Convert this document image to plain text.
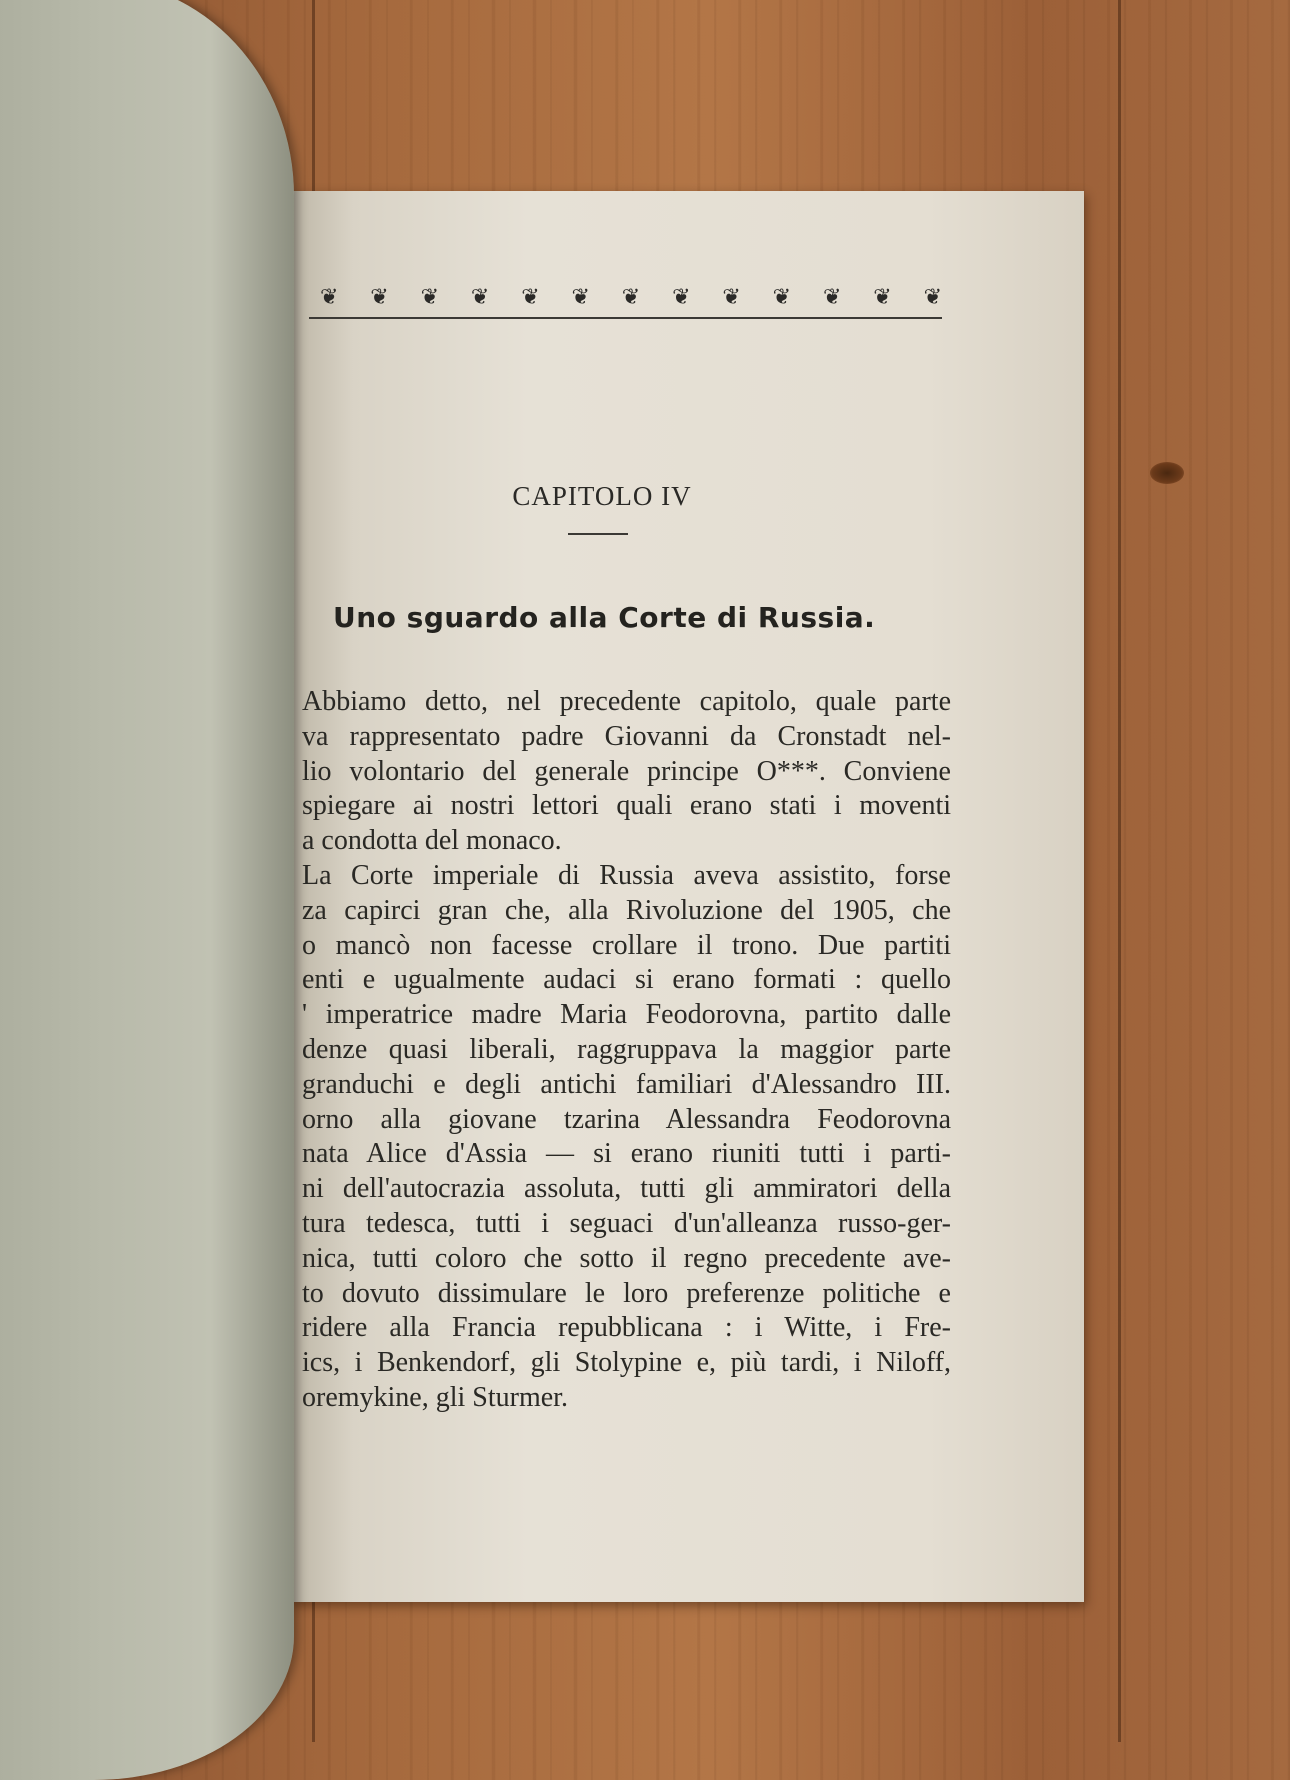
❦ ❦ ❦ ❦ ❦ ❦ ❦ ❦ ❦ ❦ ❦ ❦ ❦
CAPITOLO IV
Uno sguardo alla Corte di Russia.
Abbiamo detto, nel precedente capitolo, quale parte
va rappresentato padre Giovanni da Cronstadt nel-
lio volontario del generale principe O***. Conviene
spiegare ai nostri lettori quali erano stati i moventi
a condotta del monaco.
La Corte imperiale di Russia aveva assistito, forse
za capirci gran che, alla Rivoluzione del 1905, che
o mancò non facesse crollare il trono. Due partiti
enti e ugualmente audaci si erano formati : quello
' imperatrice madre Maria Feodorovna, partito dalle
denze quasi liberali, raggruppava la maggior parte
granduchi e degli antichi familiari d'Alessandro III.
orno alla giovane tzarina Alessandra Feodorovna
nata Alice d'Assia — si erano riuniti tutti i parti-
ni dell'autocrazia assoluta, tutti gli ammiratori della
tura tedesca, tutti i seguaci d'un'alleanza russo-ger-
nica, tutti coloro che sotto il regno precedente ave-
to dovuto dissimulare le loro preferenze politiche e
ridere alla Francia repubblicana : i Witte, i Fre-
ics, i Benkendorf, gli Stolypine e, più tardi, i Niloff,
oremykine, gli Sturmer.
